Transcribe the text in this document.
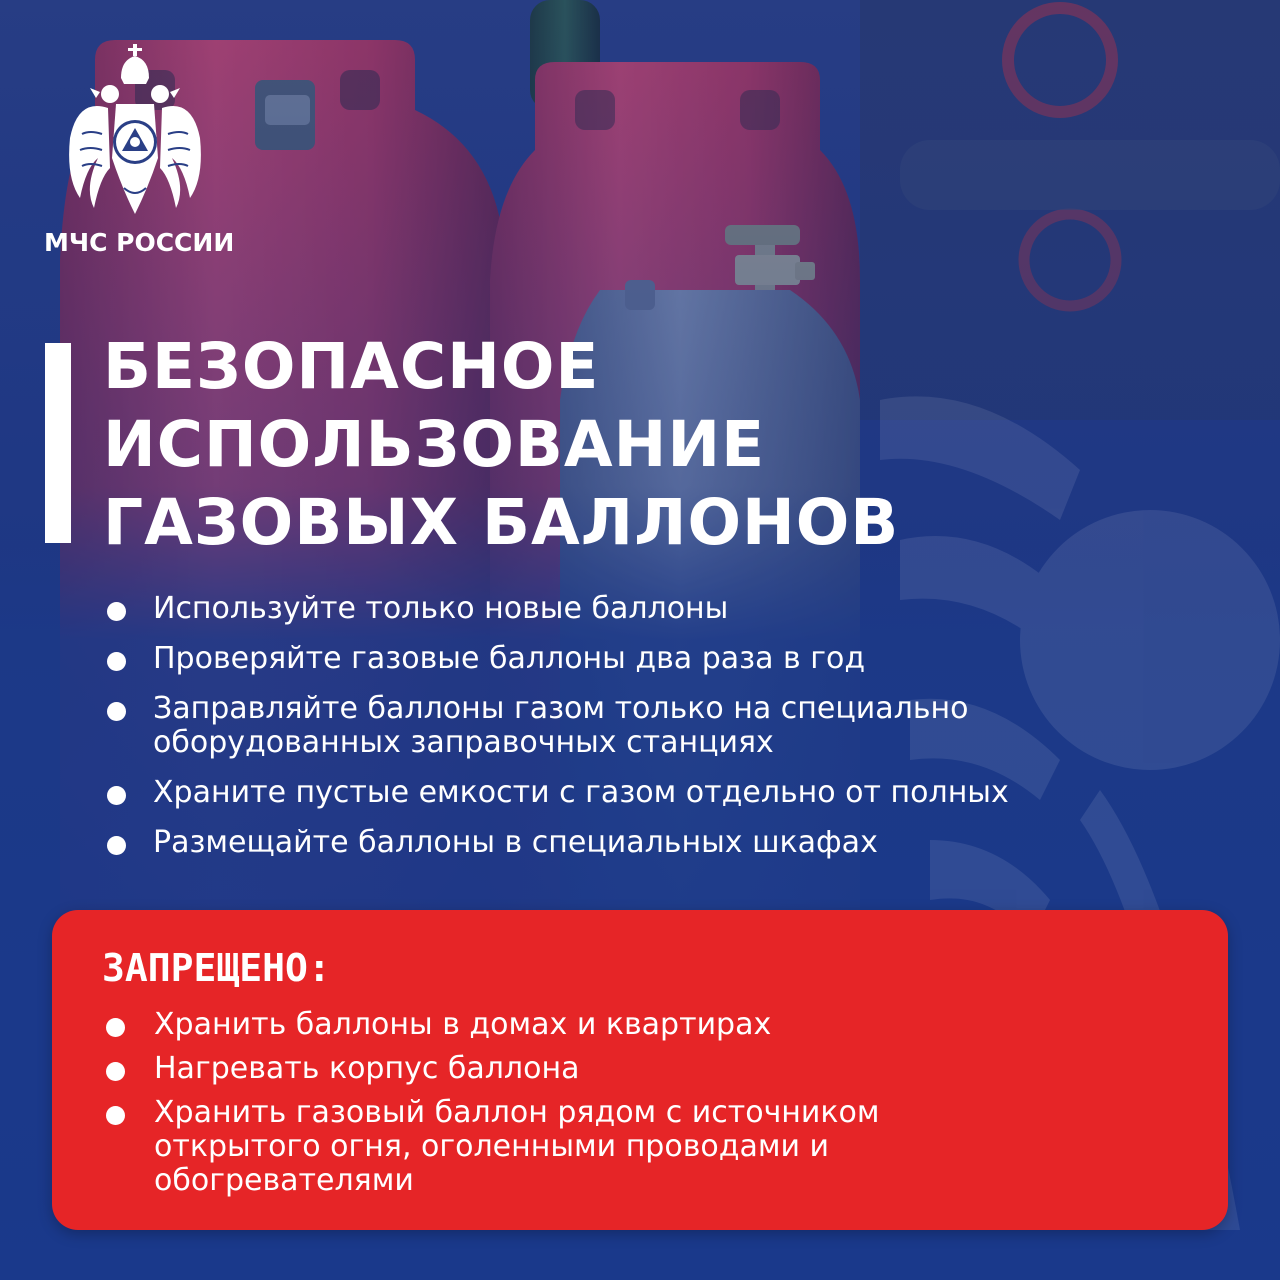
МЧС РОССИИ
БЕЗОПАСНОЕ
ИСПОЛЬЗОВАНИЕ
ГАЗОВЫХ БАЛЛОНОВ
Используйте только новые баллоны
Проверяйте газовые баллоны два раза в год
Заправляйте баллоны газом только на специально оборудованных заправочных станциях
Храните пустые емкости с газом отдельно от полных
Размещайте баллоны в специальных шкафах
ЗАПРЕЩЕНО:
Хранить баллоны в домах и квартирах
Нагревать корпус баллона
Хранить газовый баллон рядом с источником открытого огня, оголенными проводами и обогревателями
